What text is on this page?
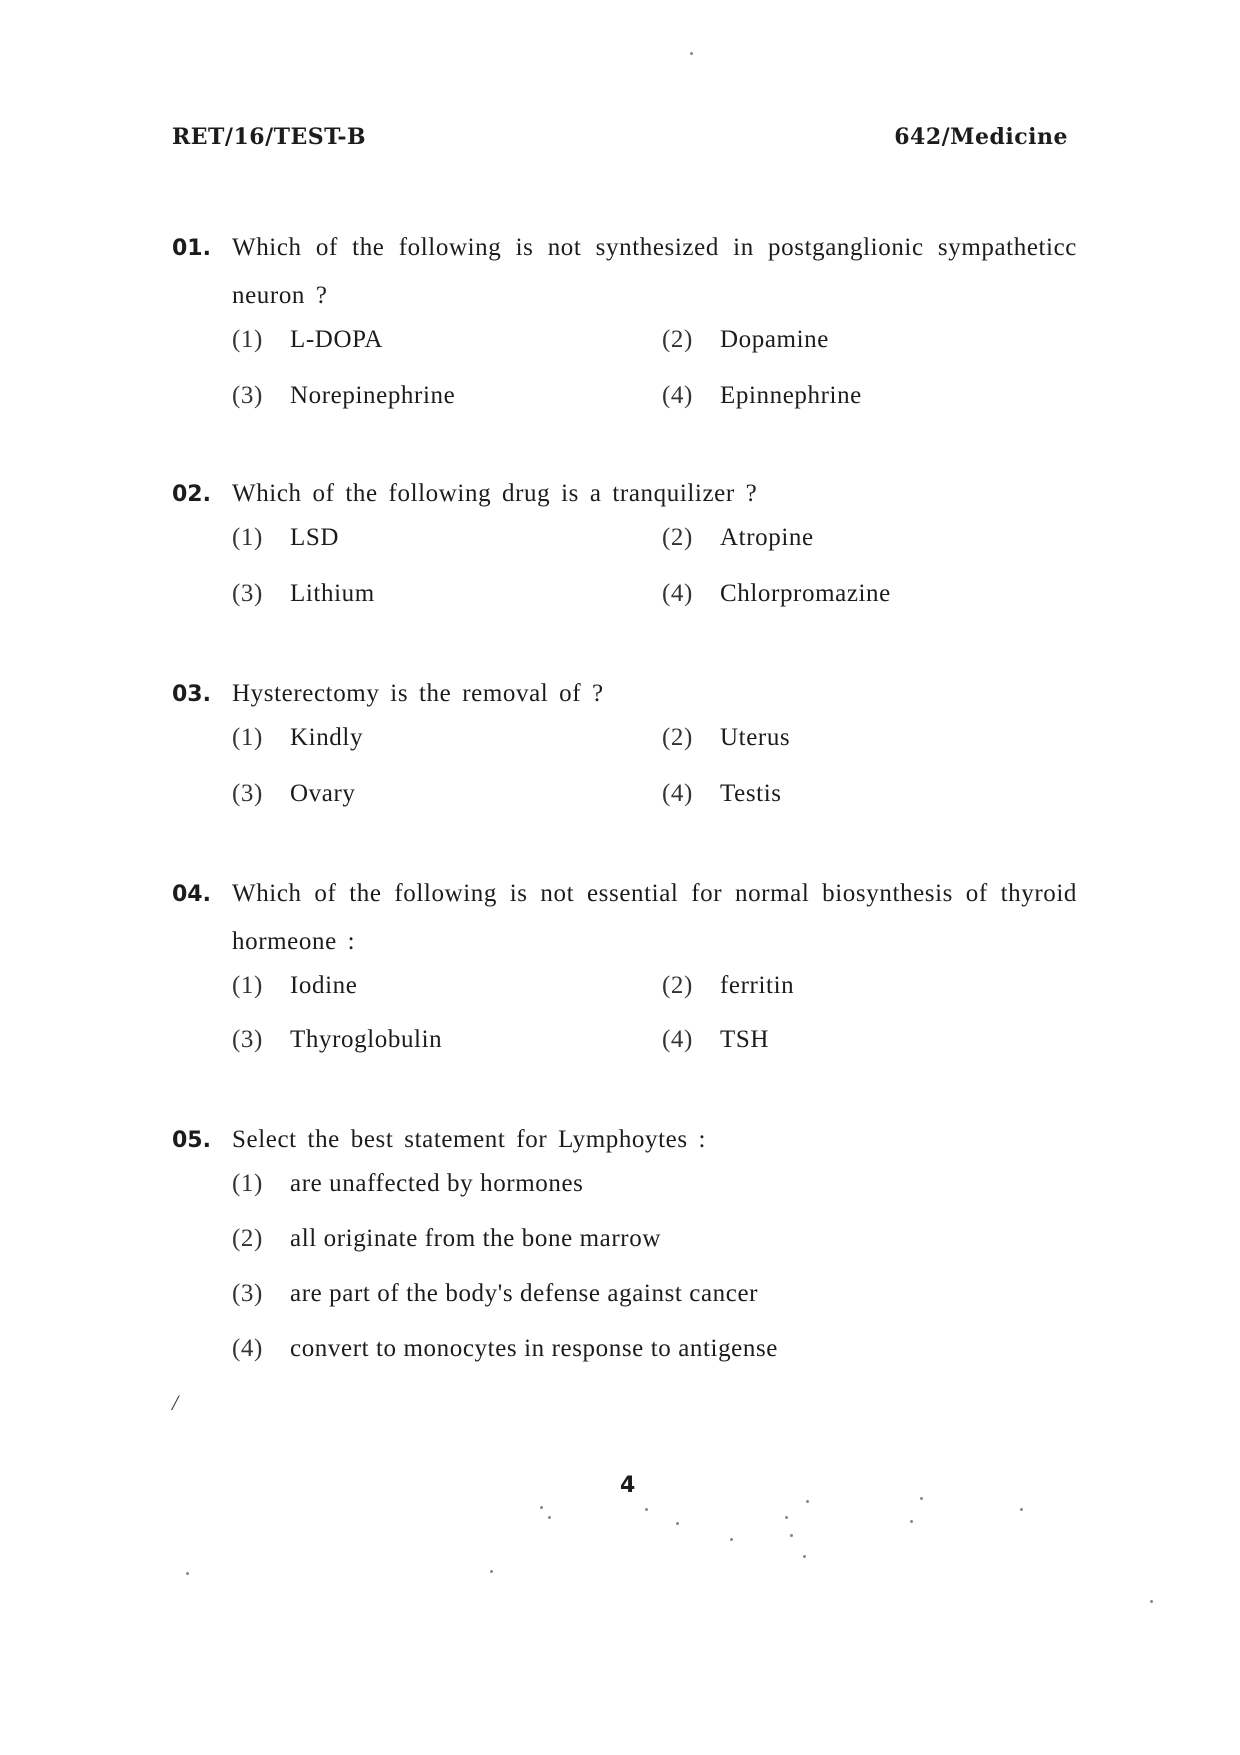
RET/16/TEST-B	642/Medicine
01. Which of the following is not synthesized in postganglionic sympatheticc neuron ?
(1) L-DOPA	(2) Dopamine
(3) Norepinephrine	(4) Epinnephrine
02. Which of the following drug is a tranquilizer ?
(1) LSD	(2) Atropine
(3) Lithium	(4) Chlorpromazine
03. Hysterectomy is the removal of ?
(1) Kindly	(2) Uterus
(3) Ovary	(4) Testis
04. Which of the following is not essential for normal biosynthesis of thyroid hormeone :
(1) Iodine	(2) ferritin
(3) Thyroglobulin	(4) TSH
05. Select the best statement for Lymphoytes :
(1) are unaffected by hormones
(2) all originate from the bone marrow
(3) are part of the body's defense against cancer
(4) convert to monocytes in response to antigense
/
4
